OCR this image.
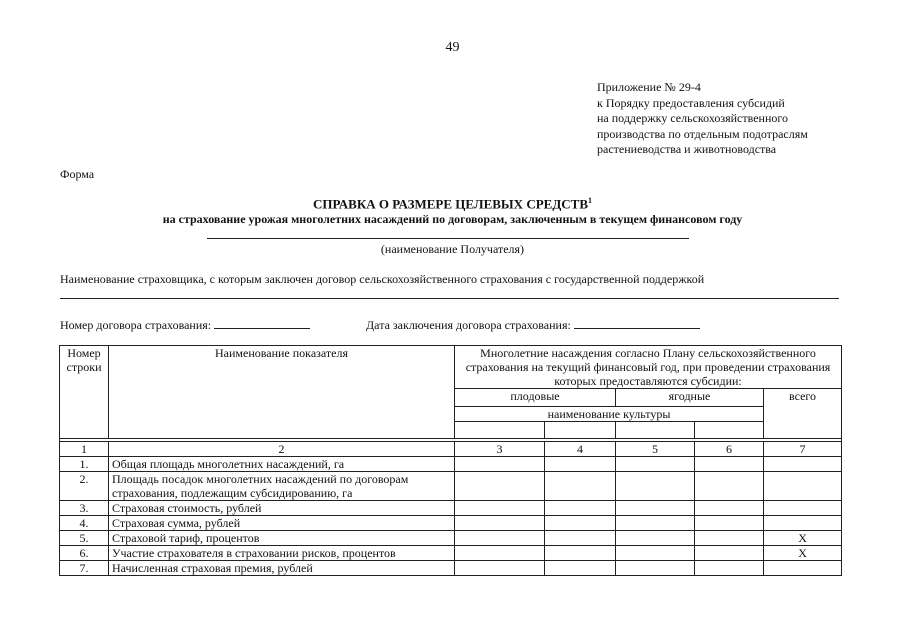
49
Приложение № 29-4
к Порядку предоставления субсидий
на поддержку сельскохозяйственного
производства по отдельным подотраслям
растениеводства и животноводства
Форма
СПРАВКА О РАЗМЕРЕ ЦЕЛЕВЫХ СРЕДСТВ$^1$
на страхование урожая многолетних насаждений по договорам, заключенным в текущем финансовом году
(наименование Получателя)
Наименование страховщика, с которым заключен договор сельскохозяйственного страхования с государственной поддержкой
Номер договора страхования:	Дата заключения договора страхования:
Номер строки	Наименование показателя	Многолетние насаждения согласно Плану сельскохозяйственного страхования на текущий финансовый год, при проведении страхования которых предоставляются субсидии:				
		плодовые		ягодные		всего
		наименование культуры				

1	2	3	4	5	6	7
1.	Общая площадь многолетних насаждений, га					
2.	Площадь посадок многолетних насаждений по договорам страхования, подлежащим субсидированию, га					
3.	Страховая стоимость, рублей					
4.	Страховая сумма, рублей					
5.	Страховой тариф, процентов					Х
6.	Участие страхователя в страховании рисков, процентов					Х
7.	Начисленная страховая премия, рублей					
